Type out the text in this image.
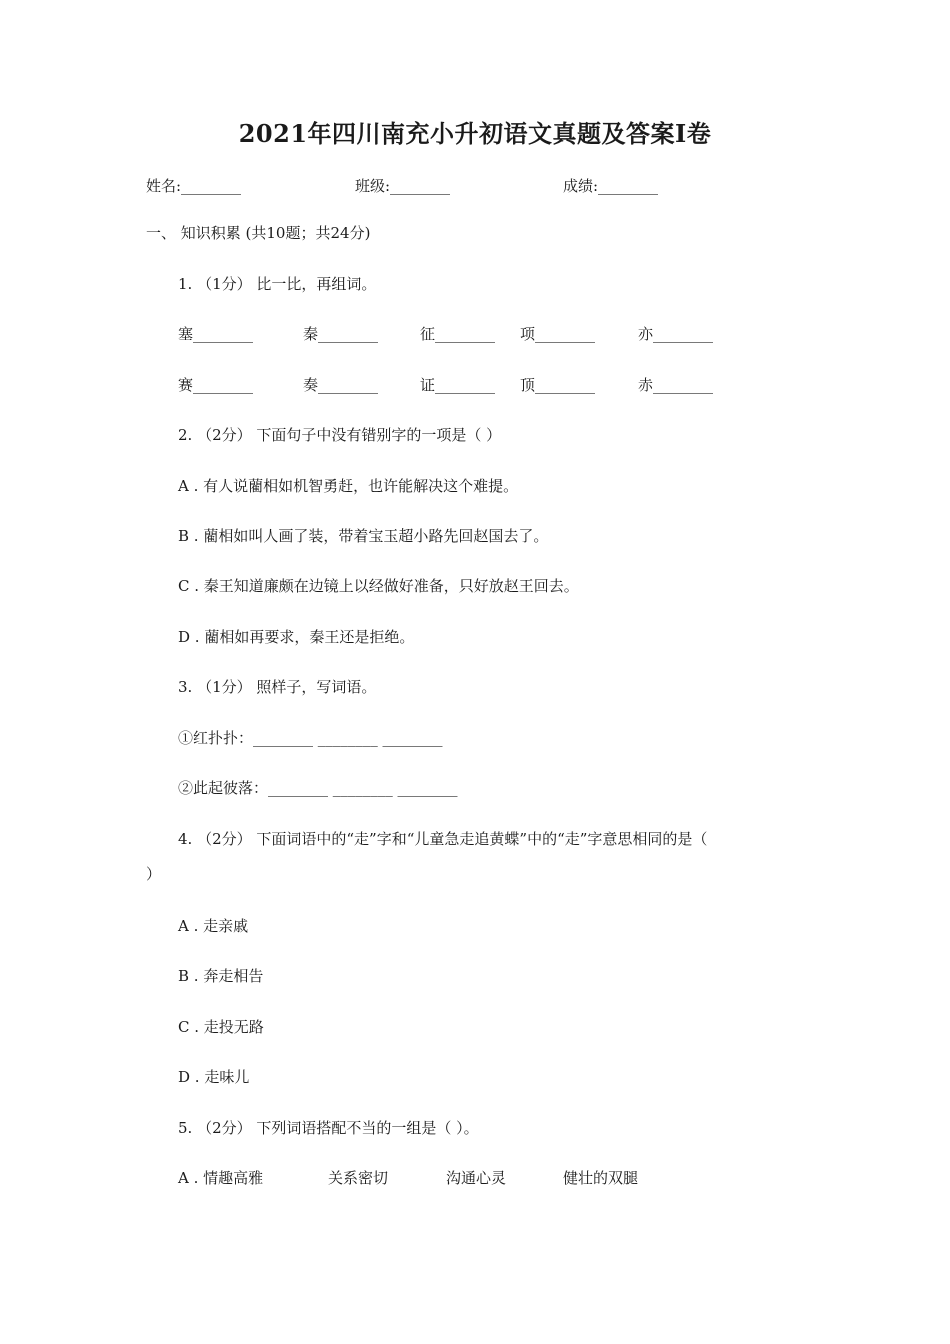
2021年四川南充小升初语文真题及答案I卷
姓名:________	班级:________	成绩:________
一、 知识积累 (共10题；共24分)
1. （1分） 比一比，再组词。
塞________	秦________	征________ 项________	亦________
赛________	奏________	证________ 顶________	赤________
2. （2分） 下面句子中没有错别字的一项是（ ）
A . 有人说藺相如机智勇赶，也许能解决这个难提。
B . 藺相如叫人画了装，带着宝玉超小路先回赵国去了。
C . 秦王知道廉颇在边镜上以经做好准备，只好放赵王回去。
D . 藺相如再要求，秦王还是拒绝。
3. （1分） 照样子，写词语。
①红扑扑：________ ________ ________
②此起彼落：________ ________ ________
4. （2分） 下面词语中的“走”字和“儿童急走追黄蝶”中的“走”字意思相同的是（
）
A . 走亲戚
B . 奔走相告
C . 走投无路
D . 走味儿
5. （2分） 下列词语搭配不当的一组是（ ）。
A . 情趣高雅	关系密切	沟通心灵	健壮的双腿
